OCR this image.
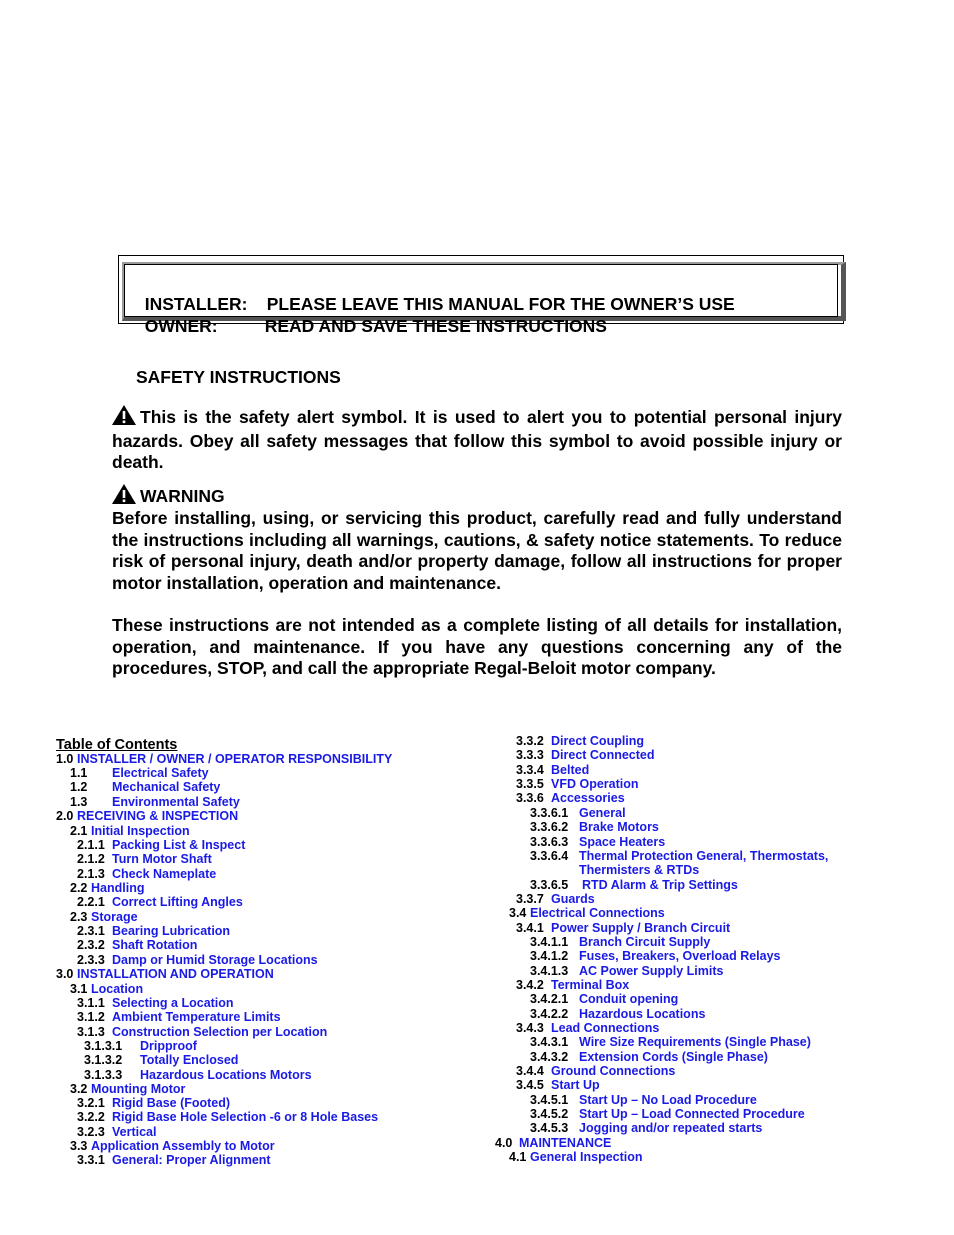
INSTALLER: PLEASE LEAVE THIS MANUAL FOR THE OWNER’S USE

OWNER:	READ AND SAVE THESE INSTRUCTIONS

SAFETY INSTRUCTIONS
This is the safety alert symbol. It is used to alert you to potential personal injury hazards. Obey all safety messages that follow this symbol to avoid possible injury or death.
WARNING
Before installing, using, or servicing this product, carefully read and fully understand the instructions including all warnings, cautions, & safety notice statements. To reduce risk of personal injury, death and/or property damage, follow all instructions for proper motor installation, operation and maintenance.
These instructions are not intended as a complete listing of all details for installation, operation, and maintenance. If you have any questions concerning any of the procedures, STOP, and call the appropriate Regal-Beloit motor company.
Table of Contents
1.0 INSTALLER / OWNER / OPERATOR RESPONSIBILITY
1.1 Electrical Safety
1.2 Mechanical Safety
1.3 Environmental Safety
2.0 RECEIVING & INSPECTION
2.1 Initial Inspection
2.1.1 Packing List & Inspect
2.1.2 Turn Motor Shaft
2.1.3 Check Nameplate
2.2 Handling
2.2.1 Correct Lifting Angles
2.3 Storage
2.3.1 Bearing Lubrication
2.3.2 Shaft Rotation
2.3.3 Damp or Humid Storage Locations
3.0 INSTALLATION AND OPERATION
3.1 Location
3.1.1 Selecting a Location
3.1.2 Ambient Temperature Limits
3.1.3 Construction Selection per Location
3.1.3.1 Dripproof
3.1.3.2 Totally Enclosed
3.1.3.3 Hazardous Locations Motors
3.2 Mounting Motor
3.2.1 Rigid Base (Footed)
3.2.2 Rigid Base Hole Selection -6 or 8 Hole Bases
3.2.3 Vertical
3.3 Application Assembly to Motor
3.3.1 General: Proper Alignment
3.3.2 Direct Coupling
3.3.3 Direct Connected
3.3.4 Belted
3.3.5 VFD Operation
3.3.6 Accessories
3.3.6.1 General
3.3.6.2 Brake Motors
3.3.6.3 Space Heaters
3.3.6.4 Thermal Protection General, Thermostats,
Thermisters & RTDs
3.3.6.5 RTD Alarm & Trip Settings
3.3.7 Guards
3.4 Electrical Connections
3.4.1 Power Supply / Branch Circuit
3.4.1.1 Branch Circuit Supply
3.4.1.2 Fuses, Breakers, Overload Relays
3.4.1.3 AC Power Supply Limits
3.4.2 Terminal Box
3.4.2.1 Conduit opening
3.4.2.2 Hazardous Locations
3.4.3 Lead Connections
3.4.3.1 Wire Size Requirements (Single Phase)
3.4.3.2 Extension Cords (Single Phase)
3.4.4 Ground Connections
3.4.5 Start Up
3.4.5.1 Start Up – No Load Procedure
3.4.5.2 Start Up – Load Connected Procedure
3.4.5.3 Jogging and/or repeated starts
4.0 MAINTENANCE
4.1 General Inspection
